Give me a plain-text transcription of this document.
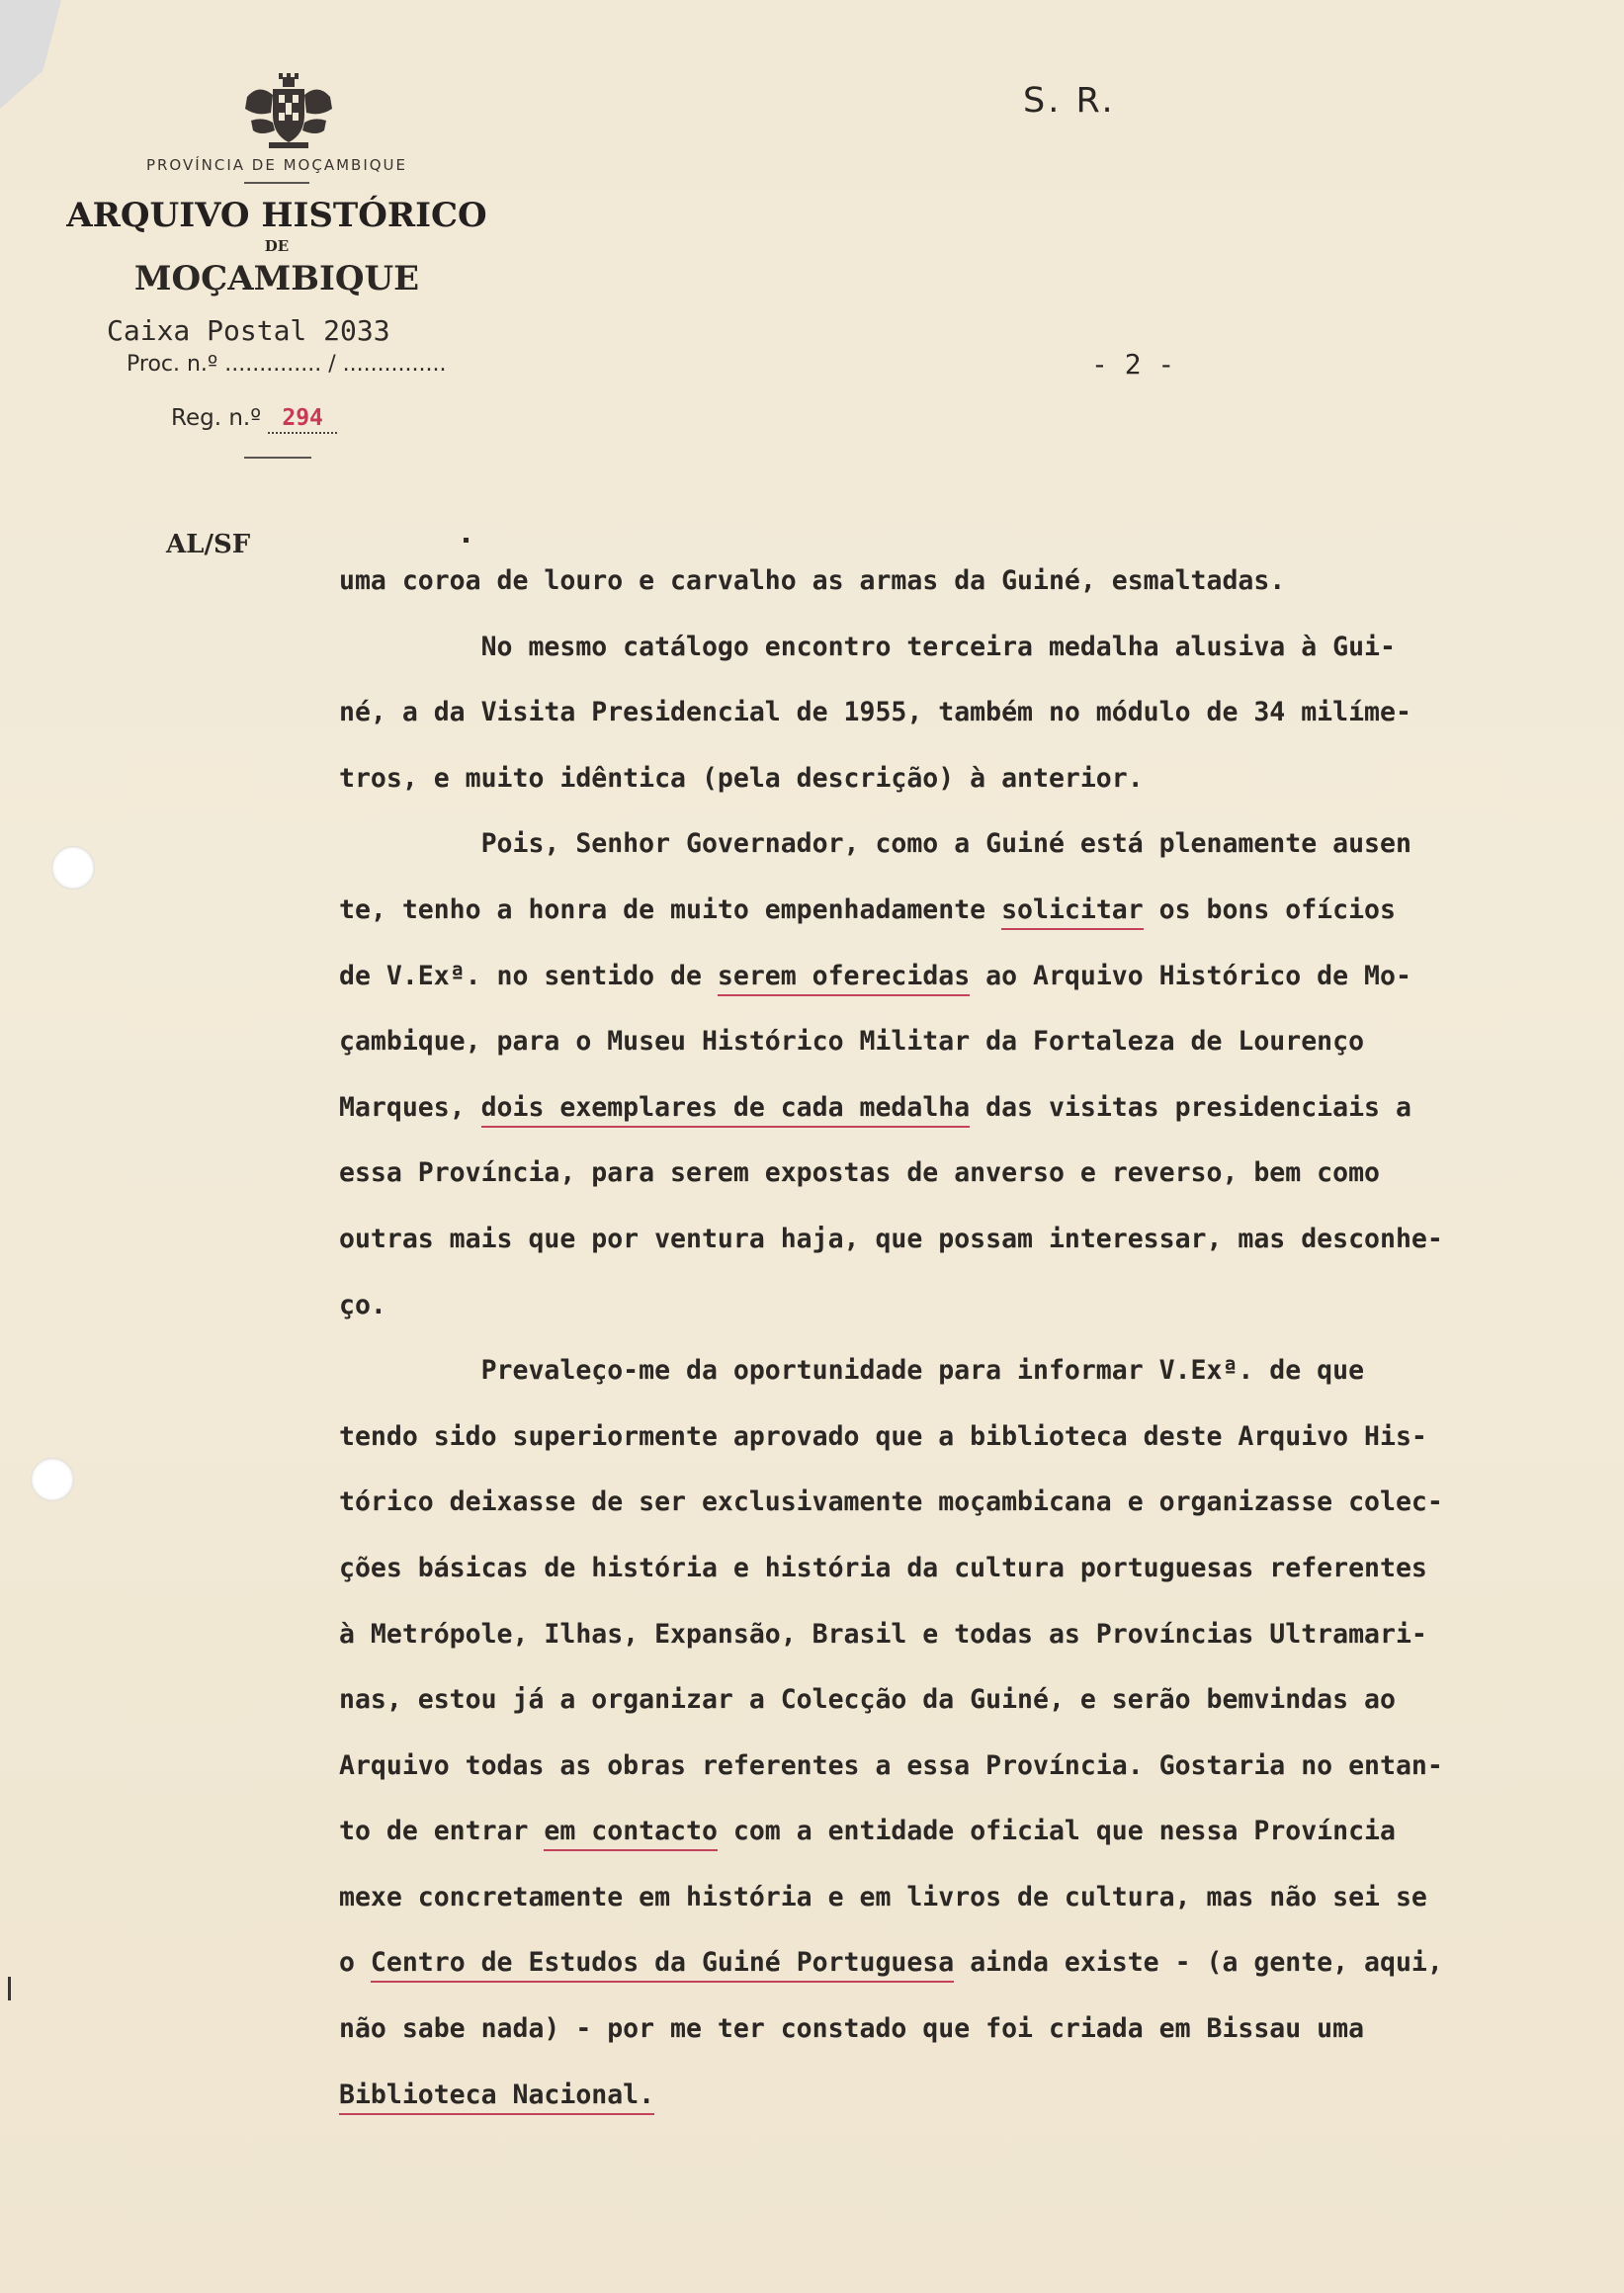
PROVÍNCIA DE MOÇAMBIQUE
ARQUIVO HISTÓRICO
DE
MOÇAMBIQUE
Caixa Postal 2033
Proc. n.º .............. / ...............
Reg. n.º 294
S. R.
- 2 -
AL/SF
uma coroa de louro e carvalho as armas da Guiné, esmaltadas.
No mesmo catálogo encontro terceira medalha alusiva à Gui-
né, a da Visita Presidencial de 1955, também no módulo de 34 milíme-
tros, e muito idêntica (pela descrição) à anterior.
Pois, Senhor Governador, como a Guiné está plenamente ausen
te, tenho a honra de muito empenhadamente solicitar os bons ofícios
de V.Exª. no sentido de serem oferecidas ao Arquivo Histórico de Mo-
çambique, para o Museu Histórico Militar da Fortaleza de Lourenço
Marques, dois exemplares de cada medalha das visitas presidenciais a
essa Província, para serem expostas de anverso e reverso, bem como
outras mais que por ventura haja, que possam interessar, mas desconhe-
ço.
Prevaleço-me da oportunidade para informar V.Exª. de que
tendo sido superiormente aprovado que a biblioteca deste Arquivo His-
tórico deixasse de ser exclusivamente moçambicana e organizasse colec-
ções básicas de história e história da cultura portuguesas referentes
à Metrópole, Ilhas, Expansão, Brasil e todas as Províncias Ultramari-
nas, estou já a organizar a Colecção da Guiné, e serão bemvindas ao
Arquivo todas as obras referentes a essa Província. Gostaria no entan-
to de entrar em contacto com a entidade oficial que nessa Província
mexe concretamente em história e em livros de cultura, mas não sei se
o Centro de Estudos da Guiné Portuguesa ainda existe - (a gente, aqui,
não sabe nada) - por me ter constado que foi criada em Bissau uma
Biblioteca Nacional.
